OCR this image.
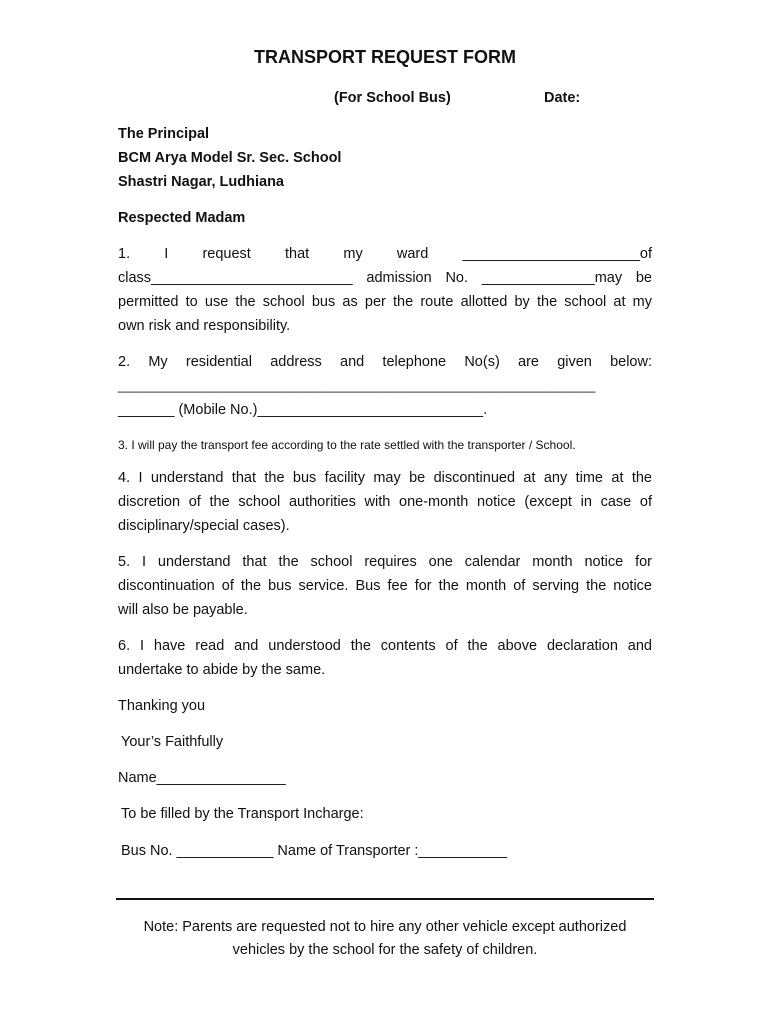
TRANSPORT REQUEST FORM
(For School Bus)	Date:
The Principal
BCM Arya Model Sr. Sec. School
Shastri Nagar, Ludhiana
Respected Madam
1. I request that my ward ______________________of
class_________________________ admission No. ______________may be
permitted to use the school bus as per the route allotted by the school at my
own risk and responsibility.
2. My residential address and telephone No(s) are given below:
__________________________________________________________________
_______ (Mobile No.)____________________________.
3. I will pay the transport fee according to the rate settled with the transporter / School.
4. I understand that the bus facility may be discontinued at any time at the
discretion of the school authorities with one-month notice (except in case of
disciplinary/special cases).
5. I understand that the school requires one calendar month notice for
discontinuation of the bus service. Bus fee for the month of serving the notice
will also be payable.
6. I have read and understood the contents of the above declaration and
undertake to abide by the same.
Thanking you
Your’s Faithfully
Name________________
To be filled by the Transport Incharge:
Bus No. ____________ Name of Transporter :___________
Note: Parents are requested not to hire any other vehicle except authorized
vehicles by the school for the safety of children.
